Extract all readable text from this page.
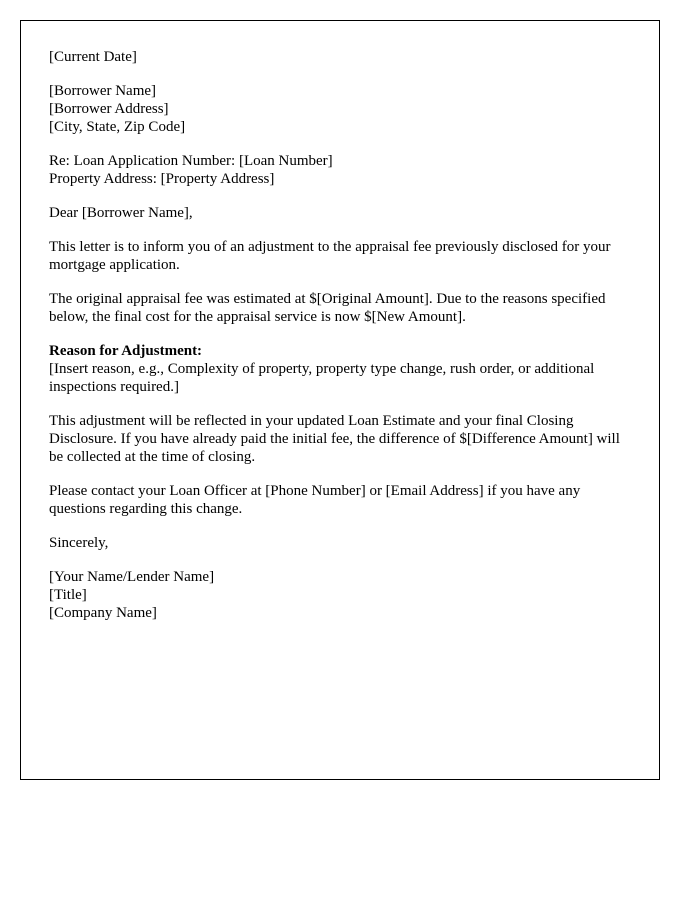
[Current Date]
[Borrower Name]
[Borrower Address]
[City, State, Zip Code]
Re: Loan Application Number: [Loan Number]
Property Address: [Property Address]
Dear [Borrower Name],

This letter is to inform you of an adjustment to the appraisal fee previously disclosed for your mortgage application.

The original appraisal fee was estimated at $[Original Amount]. Due to the reasons specified below, the final cost for the appraisal service is now $[New Amount].

Reason for Adjustment:
[Insert reason, e.g., Complexity of property, property type change, rush order, or additional inspections required.]

This adjustment will be reflected in your updated Loan Estimate and your final Closing Disclosure. If you have already paid the initial fee, the difference of $[Difference Amount] will be collected at the time of closing.

Please contact your Loan Officer at [Phone Number] or [Email Address] if you have any questions regarding this change.

Sincerely,
[Your Name/Lender Name]
[Title]
[Company Name]
